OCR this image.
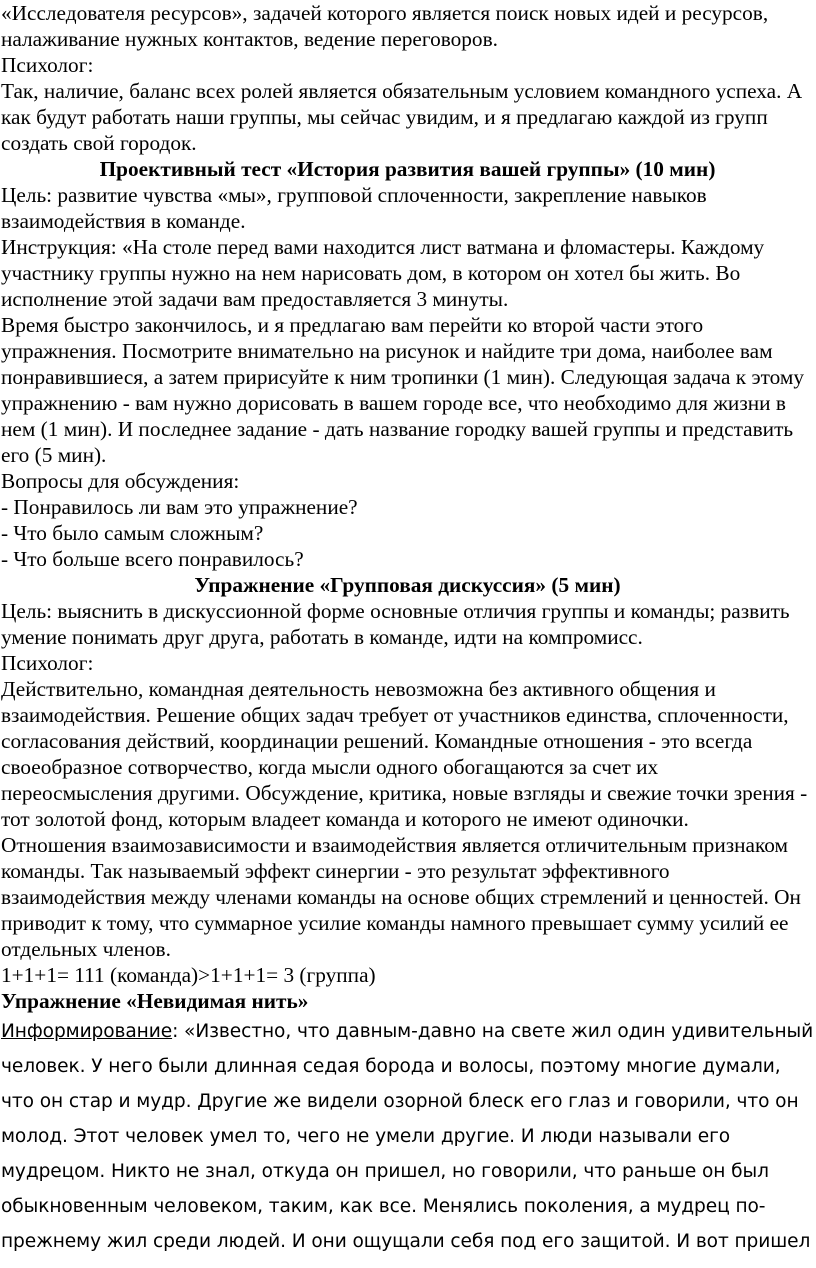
«Исследователя ресурсов», задачей которого является поиск новых идей и ресурсов, налаживание нужных контактов, ведение переговоров.

Психолог:

Так, наличие, баланс всех ролей является обязательным условием командного успеха. А как будут работать наши группы, мы сейчас увидим, и я предлагаю каждой из групп создать свой городок.

Проективный тест «История развития вашей группы» (10 мин)

Цель: развитие чувства «мы», групповой сплоченности, закрепление навыков взаимодействия в команде.

Инструкция: «На столе перед вами находится лист ватмана и фломастеры. Каждому участнику группы нужно на нем нарисовать дом, в котором он хотел бы жить. Во исполнение этой задачи вам предоставляется 3 минуты.

Время быстро закончилось, и я предлагаю вам перейти ко второй части этого упражнения. Посмотрите внимательно на рисунок и найдите три дома, наиболее вам понравившиеся, а затем пририсуйте к ним тропинки (1 мин). Следующая задача к этому упражнению - вам нужно дорисовать в вашем городе все, что необходимо для жизни в нем (1 мин). И последнее задание - дать название городку вашей группы и представить его (5 мин).

Вопросы для обсуждения:

- Понравилось ли вам это упражнение?

- Что было самым сложным?

- Что больше всего понравилось?

Упражнение «Групповая дискуссия» (5 мин)

Цель: выяснить в дискуссионной форме основные отличия группы и команды; развить умение понимать друг друга, работать в команде, идти на компромисс.

Психолог:

Действительно, командная деятельность невозможна без активного общения и взаимодействия. Решение общих задач требует от участников единства, сплоченности, согласования действий, координации решений. Командные отношения - это всегда своеобразное сотворчество, когда мысли одного обогащаются за счет их переосмысления другими. Обсуждение, критика, новые взгляды и свежие точки зрения - тот золотой фонд, которым владеет команда и которого не имеют одиночки.

Отношения взаимозависимости и взаимодействия является отличительным признаком команды. Так называемый эффект синергии - это результат эффективного взаимодействия между членами команды на основе общих стремлений и ценностей. Он приводит к тому, что суммарное усилие команды намного превышает сумму усилий ее отдельных членов.

1+1+1= 111 (команда)>1+1+1= 3 (группа)

Упражнение «Невидимая нить»

Информирование: «Известно, что давным-давно на свете жил один удивительный человек. У него были длинная седая борода и волосы, поэтому многие думали, что он стар и мудр. Другие же видели озорной блеск его глаз и говорили, что он молод. Этот человек умел то, чего не умели другие. И люди называли его мудрецом. Никто не знал, откуда он пришел, но говорили, что раньше он был обыкновенным человеком, таким, как все. Менялись поколения, а мудрец по-прежнему жил среди людей. И они ощущали себя под его защитой. И вот пришел
